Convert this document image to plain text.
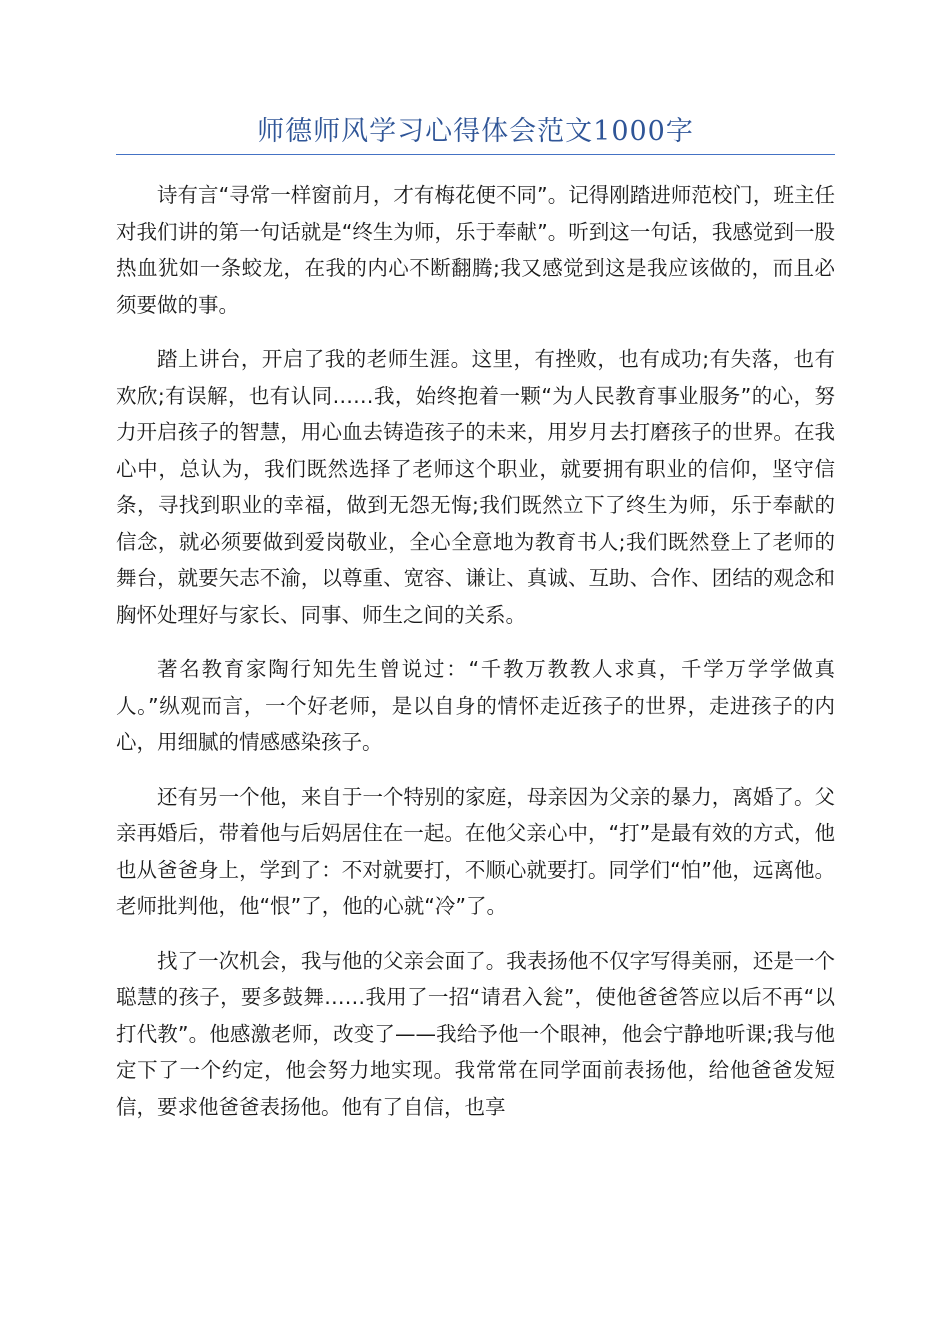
师德师风学习心得体会范文1000字

诗有言“寻常一样窗前月，才有梅花便不同”。记得刚踏进师范校门，班主任对我们讲的第一句话就是“终生为师，乐于奉献”。听到这一句话，我感觉到一股热血犹如一条蛟龙，在我的内心不断翻腾;我又感觉到这是我应该做的，而且必须要做的事。

踏上讲台，开启了我的老师生涯。这里，有挫败，也有成功;有失落，也有欢欣;有误解，也有认同……我，始终抱着一颗“为人民教育事业服务”的心，努力开启孩子的智慧，用心血去铸造孩子的未来，用岁月去打磨孩子的世界。在我心中，总认为，我们既然选择了老师这个职业，就要拥有职业的信仰，坚守信条，寻找到职业的幸福，做到无怨无悔;我们既然立下了终生为师，乐于奉献的信念，就必须要做到爱岗敬业，全心全意地为教育书人;我们既然登上了老师的舞台，就要矢志不渝，以尊重、宽容、谦让、真诚、互助、合作、团结的观念和胸怀处理好与家长、同事、师生之间的关系。

著名教育家陶行知先生曾说过：“千教万教教人求真，千学万学学做真人。”纵观而言，一个好老师，是以自身的情怀走近孩子的世界，走进孩子的内心，用细腻的情感感染孩子。

还有另一个他，来自于一个特别的家庭，母亲因为父亲的暴力，离婚了。父亲再婚后，带着他与后妈居住在一起。在他父亲心中，“打”是最有效的方式，他也从爸爸身上，学到了：不对就要打，不顺心就要打。同学们“怕”他，远离他。老师批判他，他“恨”了，他的心就“冷”了。

找了一次机会，我与他的父亲会面了。我表扬他不仅字写得美丽，还是一个聪慧的孩子，要多鼓舞……我用了一招“请君入瓮”，使他爸爸答应以后不再“以打代教”。他感激老师，改变了——我给予他一个眼神，他会宁静地听课;我与他定下了一个约定，他会努力地实现。我常常在同学面前表扬他，给他爸爸发短信，要求他爸爸表扬他。他有了自信，也享
